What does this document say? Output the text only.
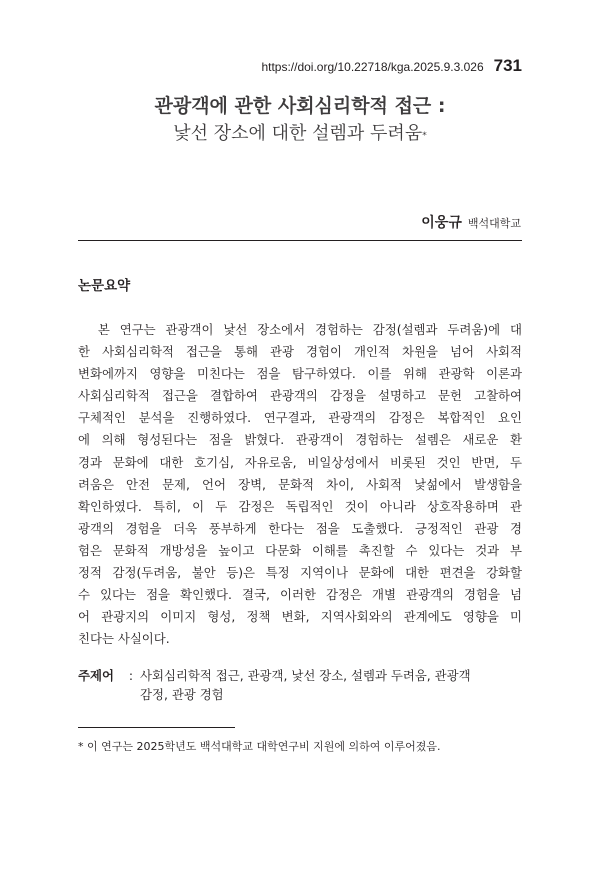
https://doi.org/10.22718/kga.2025.9.3.026 731
관광객에 관한 사회심리학적 접근 :
낯선 장소에 대한 설렘과 두려움*
이웅규 백석대학교
논문요약
본 연구는 관광객이 낯선 장소에서 경험하는 감정(설렘과 두려움)에 대
한 사회심리학적 접근을 통해 관광 경험이 개인적 차원을 넘어 사회적
변화에까지 영향을 미친다는 점을 탐구하였다. 이를 위해 관광학 이론과
사회심리학적 접근을 결합하여 관광객의 감정을 설명하고 문헌 고찰하여
구체적인 분석을 진행하였다. 연구결과, 관광객의 감정은 복합적인 요인
에 의해 형성된다는 점을 밝혔다. 관광객이 경험하는 설렘은 새로운 환
경과 문화에 대한 호기심, 자유로움, 비일상성에서 비롯된 것인 반면, 두
려움은 안전 문제, 언어 장벽, 문화적 차이, 사회적 낯섦에서 발생함을
확인하였다. 특히, 이 두 감정은 독립적인 것이 아니라 상호작용하며 관
광객의 경험을 더욱 풍부하게 한다는 점을 도출했다. 긍정적인 관광 경
험은 문화적 개방성을 높이고 다문화 이해를 촉진할 수 있다는 것과 부
정적 감정(두려움, 불안 등)은 특정 지역이나 문화에 대한 편견을 강화할
수 있다는 점을 확인했다. 결국, 이러한 감정은 개별 관광객의 경험을 넘
어 관광지의 이미지 형성, 정책 변화, 지역사회와의 관계에도 영향을 미
친다는 사실이다.
주제어	: 사회심리학적 접근, 관광객, 낯선 장소, 설렘과 두려움, 관광객
감정, 관광 경험
* 이 연구는 2025학년도 백석대학교 대학연구비 지원에 의하여 이루어졌음.
